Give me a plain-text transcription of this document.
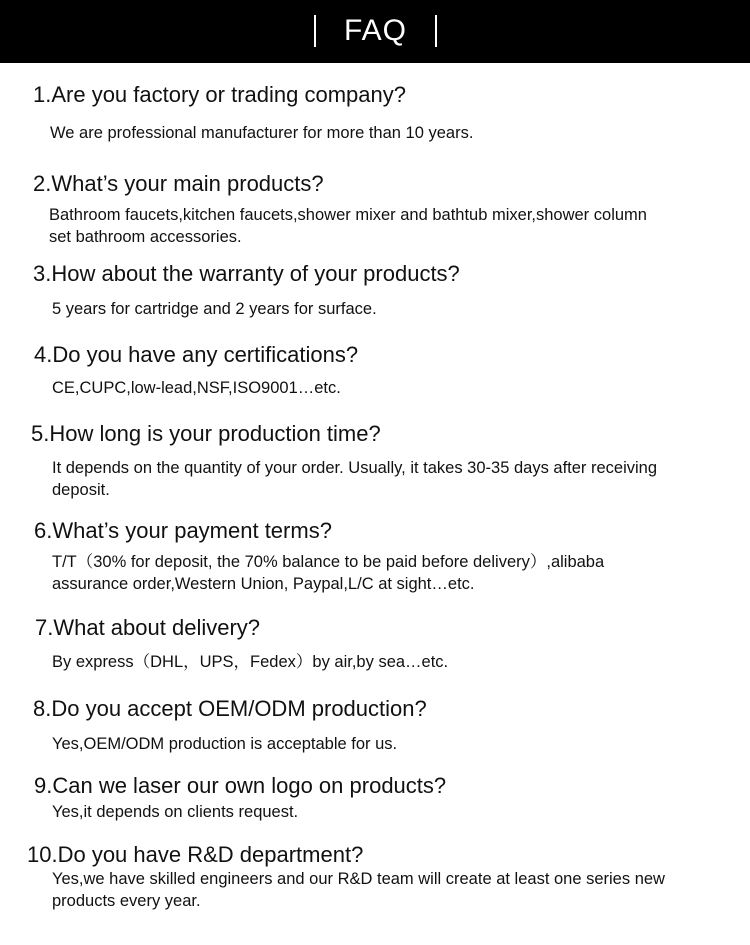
FAQ
1.Are you factory or trading company?
We are professional manufacturer for more than 10 years.
2.What’s your main products?
Bathroom faucets,kitchen faucets,shower mixer and bathtub mixer,shower column set bathroom accessories.
3.How about the warranty of your products?
5 years for cartridge and 2 years for surface.
4.Do you have any certifications?
CE,CUPC,low-lead,NSF,ISO9001…etc.
5.How long is your production time?
It depends on the quantity of your order. Usually, it takes 30-35 days after receiving deposit.
6.What’s your payment terms?
T/T（30% for deposit, the 70% balance to be paid before delivery）,alibaba assurance order,Western Union, Paypal,L/C at sight…etc.
7.What about delivery?
By express（DHL，UPS，Fedex）by air,by sea…etc.
8.Do you accept OEM/ODM production?
Yes,OEM/ODM production is acceptable for us.
9.Can we laser our own logo on products?
Yes,it depends on clients request.
10.Do you have R&D department?
Yes,we have skilled engineers and our R&D team will create at least one series new products every year.
